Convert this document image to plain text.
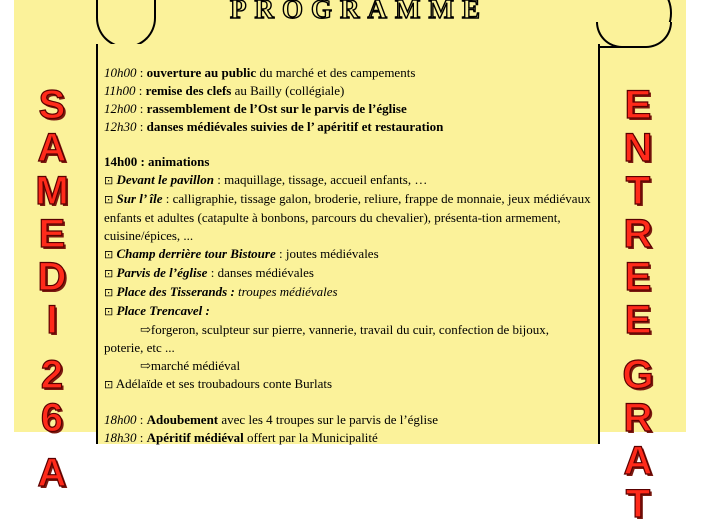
PROGRAMME
S
A
M
E
D
I
2
6
A
E
N
T
R
E
E
G
R
A
T
10h00 : ouverture au public du marché et des campements
11h00 : remise des clefs au Bailly (collégiale)
12h00 : rassemblement de l’Ost sur le parvis de l’église
12h30 : danses médiévales suivies de l’ apéritif et restauration
14h00 : animations
⊡ Devant le pavillon : maquillage, tissage, accueil enfants, …
⊡ Sur l’ île : calligraphie, tissage galon, broderie, reliure, frappe de monnaie, jeux médiévaux enfants et adultes (catapulte à bonbons, parcours du chevalier), présenta-tion armement, cuisine/épices, ...
⊡ Champ derrière tour Bistoure : joutes médiévales
⊡ Parvis de l’église : danses médiévales
⊡ Place des Tisserands : troupes médiévales
⊡ Place Trencavel :
⇨forgeron, sculpteur sur pierre, vannerie, travail du cuir, confection de bijoux,
poterie, etc ...
⇨marché médiéval
⊡ Adélaïde et ses troubadours conte Burlats
18h00 : Adoubement avec les 4 troupes sur le parvis de l’église
18h30 : Apéritif médiéval offert par la Municipalité
